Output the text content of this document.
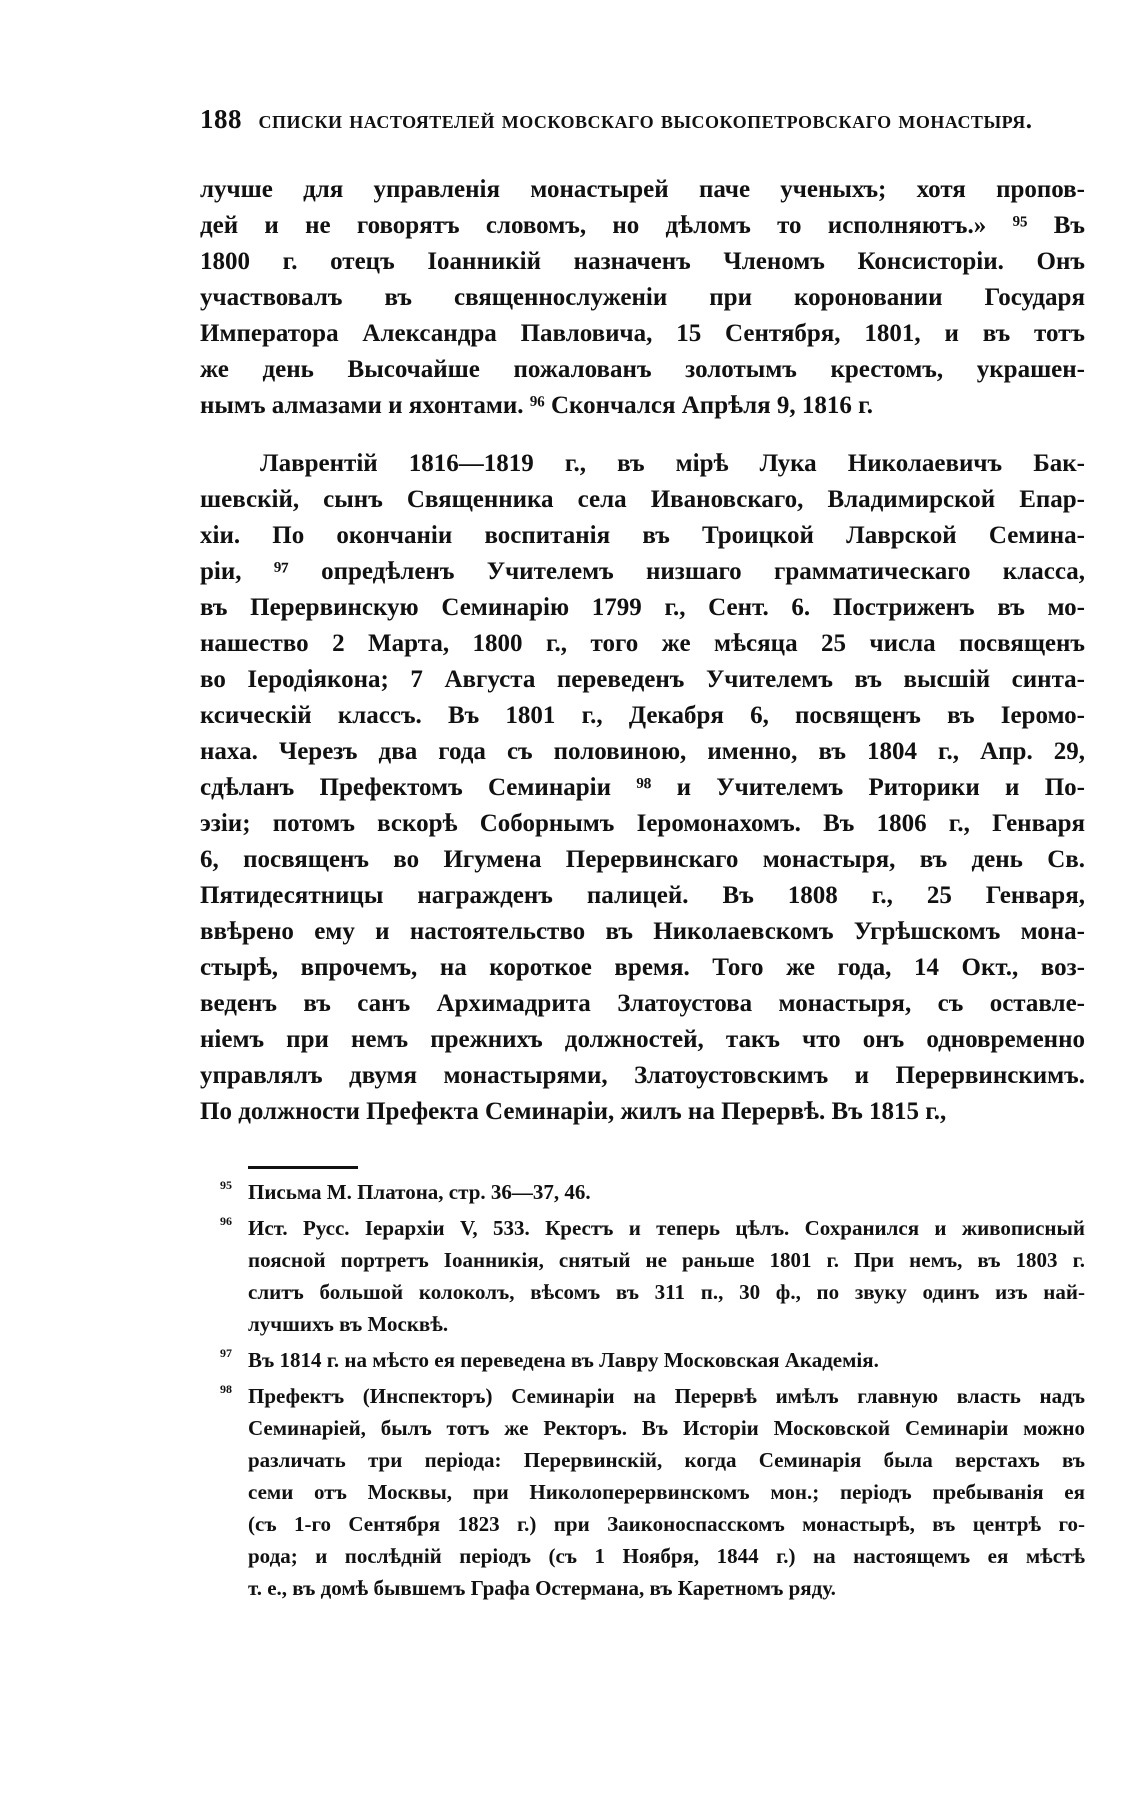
188 списки настоятелей московскаго высокопетровскаго монастыря.
лучше для управленія монастырей паче ученыхъ; хотя пропов-
дей и не говорятъ словомъ, но дѣломъ то исполняютъ.» ⁹⁵ Въ
1800 г. отецъ Іоанникій назначенъ Членомъ Консисторіи. Онъ
участвовалъ въ священнослуженіи при короновании Государя
Императора Александра Павловича, 15 Сентября, 1801, и въ тотъ
же день Высочайше пожалованъ золотымъ крестомъ, украшен-
нымъ алмазами и яхонтами. ⁹⁶ Скончался Апрѣля 9, 1816 г.
Лаврентій 1816—1819 г., въ мірѣ Лука Николаевичъ Бак-
шевскій, сынъ Священника села Ивановскаго, Владимирской Епар-
хіи. По окончаніи воспитанія въ Троицкой Лаврской Семина-
ріи, ⁹⁷ опредѣленъ Учителемъ низшаго грамматическаго класса,
въ Перервинскую Семинарію 1799 г., Сент. 6. Постриженъ въ мо-
нашество 2 Марта, 1800 г., того же мѣсяца 25 числа посвященъ
во Іеродіякона; 7 Августа переведенъ Учителемъ въ высшій синта-
ксическій классъ. Въ 1801 г., Декабря 6, посвященъ въ Іеромо-
наха. Черезъ два года съ половиною, именно, въ 1804 г., Апр. 29,
сдѣланъ Префектомъ Семинаріи ⁹⁸ и Учителемъ Риторики и По-
эзіи; потомъ вскорѣ Соборнымъ Іеромонахомъ. Въ 1806 г., Генваря
6, посвященъ во Игумена Перервинскаго монастыря, въ день Св.
Пятидесятницы награжденъ палицей. Въ 1808 г., 25 Генваря,
ввѣрено ему и настоятельство въ Николаевскомъ Угрѣшскомъ мона-
стырѣ, впрочемъ, на короткое время. Того же года, 14 Окт., воз-
веденъ въ санъ Архимадрита Златоустова монастыря, съ оставле-
ніемъ при немъ прежнихъ должностей, такъ что онъ одновременно
управлялъ двумя монастырями, Златоустовскимъ и Перервинскимъ.
По должности Префекта Семинаріи, жилъ на Перервѣ. Въ 1815 г.,
95 Письма М. Платона, стр. 36—37, 46.
96 Ист. Русс. Іерархіи V, 533. Крестъ и теперь цѣлъ. Сохранился и живописный
поясной портретъ Іоанникія, снятый не раньше 1801 г. При немъ, въ 1803 г.
слитъ большой колоколъ, вѣсомъ въ 311 п., 30 ф., по звуку одинъ изъ най-
лучшихъ въ Москвѣ.
97 Въ 1814 г. на мѣсто ея переведена въ Лавру Московская Академія.
98 Префектъ (Инспекторъ) Семинаріи на Перервѣ имѣлъ главную власть надъ
Семинаріей, былъ тотъ же Ректоръ. Въ Исторіи Московской Семинаріи можно
различать три періода: Перервинскій, когда Семинарія была верстахъ въ
семи отъ Москвы, при Николоперервинскомъ мон.; періодъ пребыванія ея
(съ 1-го Сентября 1823 г.) при Заиконоспасскомъ монастырѣ, въ центрѣ го-
рода; и послѣдній періодъ (съ 1 Ноября, 1844 г.) на настоящемъ ея мѣстѣ
т. е., въ домѣ бывшемъ Графа Остермана, въ Каретномъ ряду.
